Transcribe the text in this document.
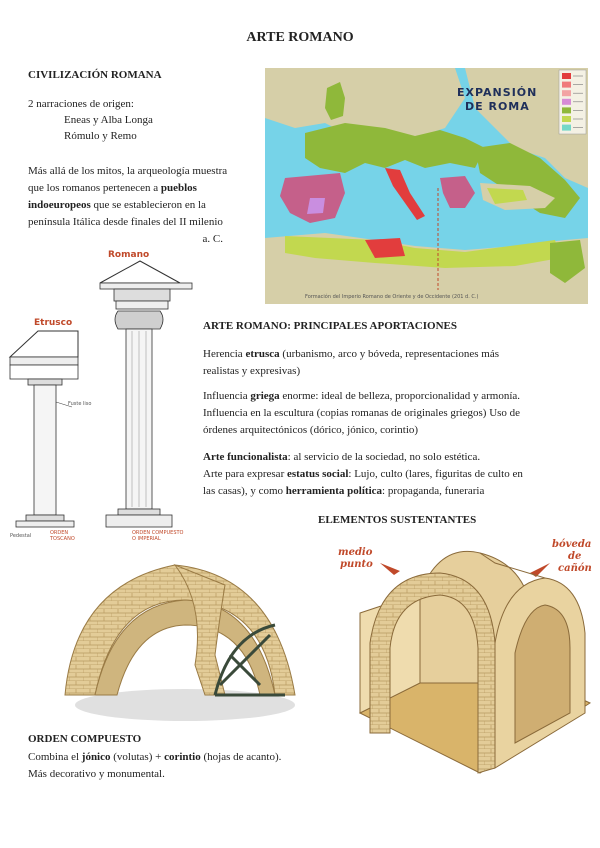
ARTE ROMANO
CIVILIZACIÓN ROMANA
2 narraciones de origen:
Eneas y Alba Longa
Rómulo y Remo
Más allá de los mitos, la arqueología muestra
que los romanos pertenecen a pueblos
indoeuropeos que se establecieron en la
península Itálica desde finales del II milenio
a. C.
EXPANSIÓN
DE ROMA
Formación del Imperio Romano de Oriente y de Occidente (201 d. C.)
Etrusco
Fuste liso
ORDEN
TOSCANO
Pedestal
Romano
ORDEN COMPUESTO
O IMPERIAL
ARTE ROMANO: PRINCIPALES APORTACIONES
Herencia etrusca (urbanismo, arco y bóveda, representaciones más
realistas y expresivas)
Influencia griega enorme: ideal de belleza, proporcionalidad y armonía.
Influencia en la escultura (copias romanas de originales griegos) Uso de
órdenes arquitectónicos (dórico, jónico, corintio)
Arte funcionalista: al servicio de la sociedad, no solo estética.
Arte para expresar estatus social: Lujo, culto (lares, figuritas de culto en
las casas), y como herramienta política: propaganda, funeraria
ELEMENTOS SUSTENTANTES
medio
punto
bóveda
de
cañón
ORDEN COMPUESTO
Combina el jónico (volutas) + corintio (hojas de acanto).
Más decorativo y monumental.
